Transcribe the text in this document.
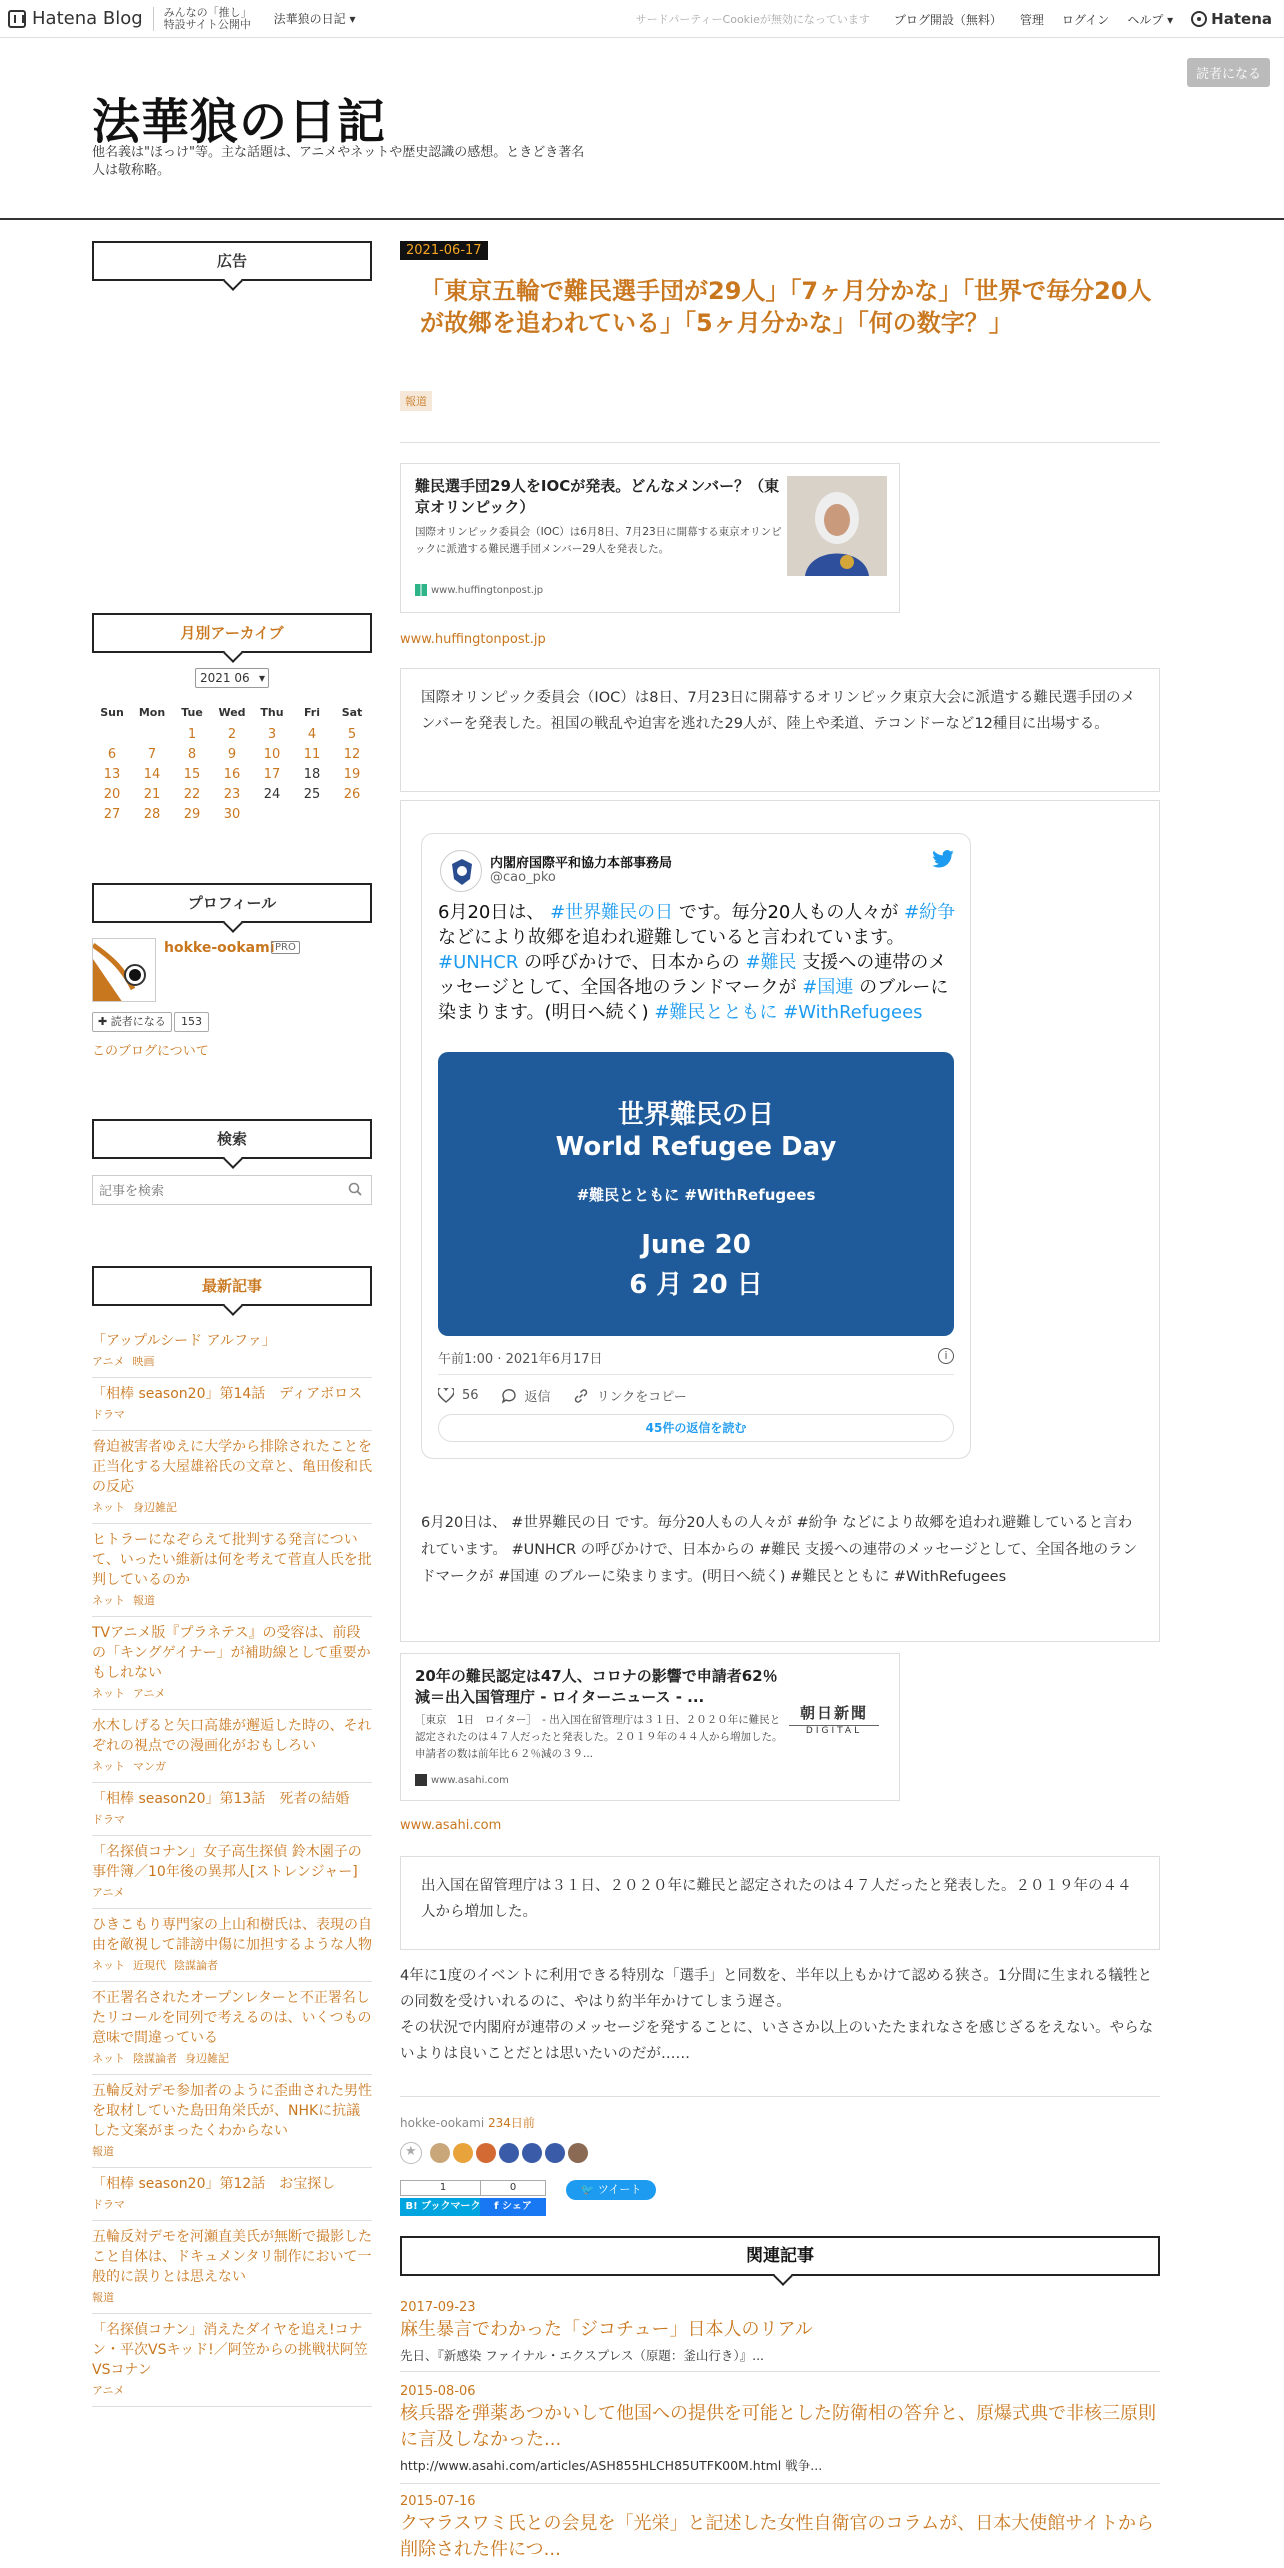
Hatena Blog みんなの「推し」
特設サイト公開中 法華狼の日記 ▾	サードパーティーCookieが無効になっています ブログ開設（無料） 管理 ログイン ヘルプ ▾	Hatena
法華狼の日記
他名義は"ほっけ"等。主な話題は、アニメやネットや歴史認識の感想。ときどき著名人は敬称略。
読者になる
広告
月別アーカイブ
2021 06 ▾
Sun	Mon	Tue	Wed	Thu	Fri	Sat
		1	2	3	4	5
6	7	8	9	10	11	12
13	14	15	16	17	18	19
20	21	22	23	24	25	26
27	28	29	30			
プロフィール
hokke-ookami PRO
✚ 読者になる	153
このブログについて
検索
記事を検索
最新記事
「アップルシード アルファ」
アニメ 映画
「相棒 season20」第14話　ディアボロス
ドラマ
脅迫被害者ゆえに大学から排除されたことを正当化する大屋雄裕氏の文章と、亀田俊和氏の反応
ネット 身辺雑記
ヒトラーになぞらえて批判する発言について、いったい維新は何を考えて菅直人氏を批判しているのか
ネット 報道
TVアニメ版『プラネテス』の受容は、前段の「キングゲイナー」が補助線として重要かもしれない
ネット アニメ
水木しげると矢口高雄が邂逅した時の、それぞれの視点での漫画化がおもしろい
ネット マンガ
「相棒 season20」第13話　死者の結婚
ドラマ
「名探偵コナン」女子高生探偵 鈴木園子の事件簿／10年後の異邦人[ストレンジャー]
アニメ
ひきこもり専門家の上山和樹氏は、表現の自由を敵視して誹謗中傷に加担するような人物
ネット 近現代 陰謀論者
不正署名されたオープンレターと不正署名したリコールを同列で考えるのは、いくつもの意味で間違っている
ネット 陰謀論者 身辺雑記
五輪反対デモ参加者のように歪曲された男性を取材していた島田角栄氏が、NHKに抗議した文案がまったくわからない
報道
「相棒 season20」第12話　お宝探し
ドラマ
五輪反対デモを河瀬直美氏が無断で撮影したこと自体は、ドキュメンタリ制作において一般的に誤りとは思えない
報道
「名探偵コナン」消えたダイヤを追え!コナン・平次VSキッド!／阿笠からの挑戦状阿笠VSコナン
アニメ
2021-06-17
「東京五輪で難民選手団が29人」「7ヶ月分かな」「世界で毎分20人が故郷を追われている」「5ヶ月分かな」「何の数字？」
報道
難民選手団29人をIOCが発表。どんなメンバー？（東京オリンピック）
国際オリンピック委員会（IOC）は6月8日、7月23日に開幕する東京オリンピックに派遣する難民選手団メンバー29人を発表した。
www.huffingtonpost.jp
www.huffingtonpost.jp
国際オリンピック委員会（IOC）は8日、7月23日に開幕するオリンピック東京大会に派遣する難民選手団のメンバーを発表した。祖国の戦乱や迫害を逃れた29人が、陸上や柔道、テコンドーなど12種目に出場する。
内閣府国際平和協力本部事務局
@cao_pko
6月20日は、 #世界難民の日 です。毎分20人もの人々が #紛争 などにより故郷を追われ避難していると言われています。 #UNHCR の呼びかけで、日本からの #難民 支援への連帯のメッセージとして、全国各地のランドマークが #国連 のブルーに染まります。(明日へ続く) #難民とともに #WithRefugees
世界難民の日
World Refugee Day
#難民とともに #WithRefugees
June 20
6 月 20 日
午前1:00 · 2021年6月17日	i
56	返信	リンクをコピー
45件の返信を読む
6月20日は、 #世界難民の日 です。毎分20人もの人々が #紛争 などにより故郷を追われ避難していると言われています。 #UNHCR の呼びかけで、日本からの #難民 支援への連帯のメッセージとして、全国各地のランドマークが #国連 のブルーに染まります。(明日へ続く) #難民とともに #WithRefugees
20年の難民認定は47人、コロナの影響で申請者62％減＝出入国管理庁 - ロイターニュース - ...
［東京　1日　ロイター］　- 出入国在留管理庁は３１日、２０２０年に難民と認定されたのは４７人だったと発表した。２０１９年の４４人から増加した。　申請者の数は前年比６２％減の３９...
www.asahi.com
朝日新聞
DIGITAL
www.asahi.com
出入国在留管理庁は３１日、２０２０年に難民と認定されたのは４７人だったと発表した。２０１９年の４４人から増加した。

4年に1度のイベントに利用できる特別な「選手」と同数を、半年以上もかけて認める狭さ。1分間に生まれる犠牲との同数を受けいれるのに、やはり約半年かけてしまう遅さ。

その状況で内閣府が連帯のメッセージを発することに、いささか以上のいたたまれなさを感じざるをえない。やらないよりは良いことだとは思いたいのだが……

hokke-ookami 234日前
★
1
B! ブックマーク
0
f シェア
🐦 ツイート
関連記事
2017-09-23
麻生暴言でわかった「ジコチュー」日本人のリアル
先日、『新感染 ファイナル・エクスプレス（原題：釜山行き）』...
2015-08-06
核兵器を弾薬あつかいして他国への提供を可能とした防衛相の答弁と、原爆式典で非核三原則に言及しなかった...
http://www.asahi.com/articles/ASH855HLCH85UTFK00M.html 戦争...
2015-07-16
クマラスワミ氏との会見を「光栄」と記述した女性自衛官のコラムが、日本大使館サイトから削除された件につ...
